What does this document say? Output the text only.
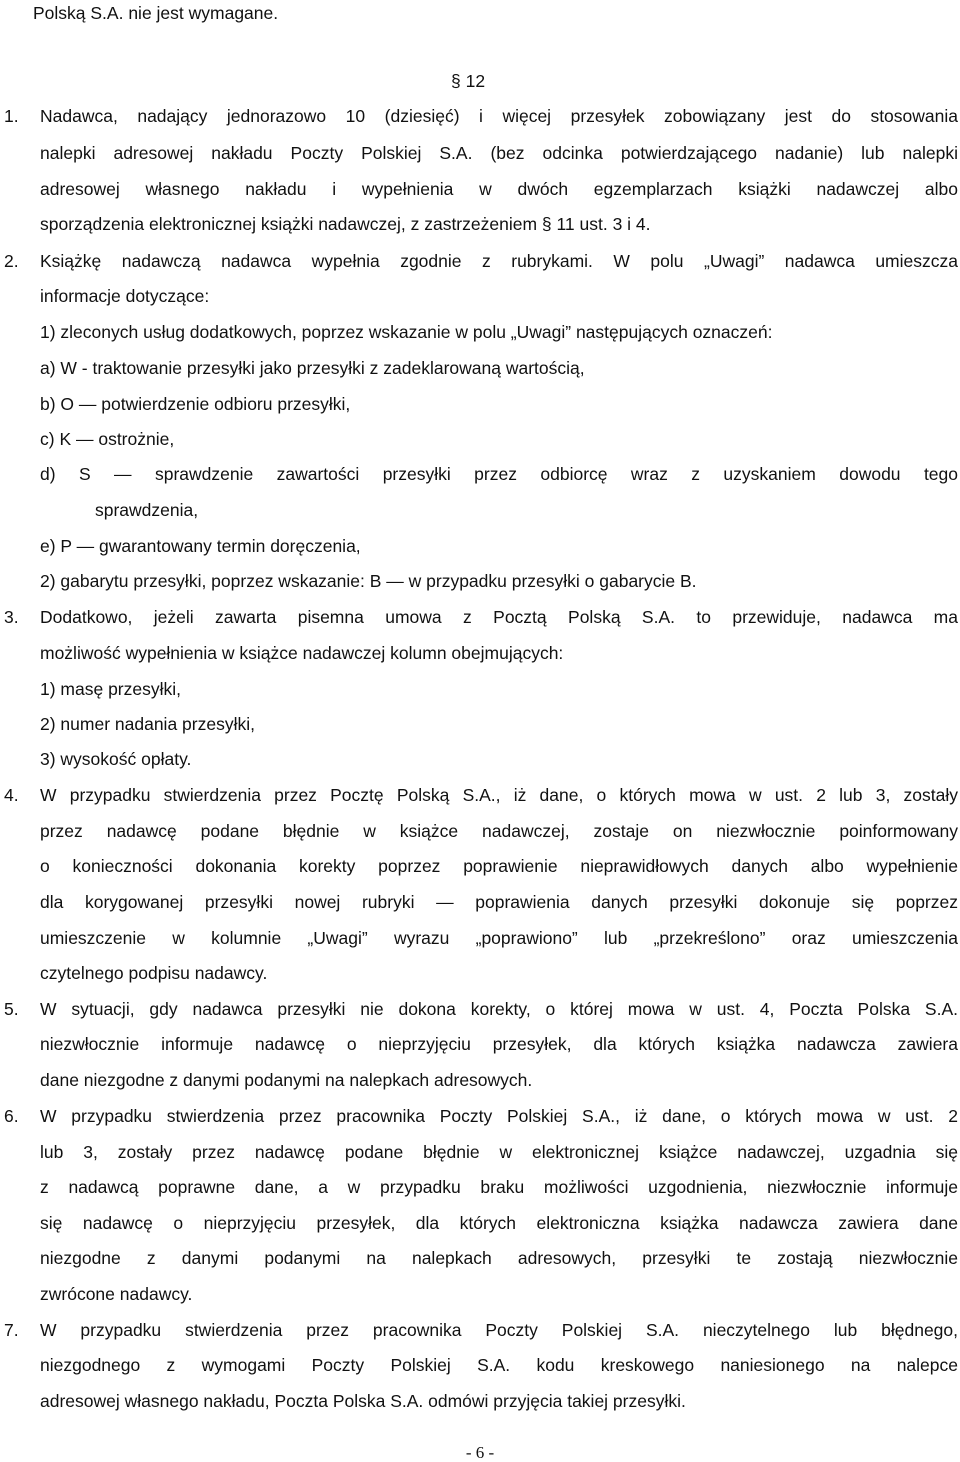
Polską S.A. nie jest wymagane.
§ 12
1. Nadawca, nadający jednorazowo 10 (dziesięć) i więcej przesyłek zobowiązany jest do stosowania
nalepki adresowej nakładu Poczty Polskiej S.A. (bez odcinka potwierdzającego nadanie) lub nalepki
adresowej własnego nakładu i wypełnienia w dwóch egzemplarzach książki nadawczej albo
sporządzenia elektronicznej książki nadawczej, z zastrzeżeniem § 11 ust. 3 i 4.
2. Książkę nadawczą nadawca wypełnia zgodnie z rubrykami. W polu „Uwagi” nadawca umieszcza
informacje dotyczące:
1) zleconych usług dodatkowych, poprzez wskazanie w polu „Uwagi” następujących oznaczeń:
a) W - traktowanie przesyłki jako przesyłki z zadeklarowaną wartością,
b) O — potwierdzenie odbioru przesyłki,
c) K — ostrożnie,
d) S — sprawdzenie zawartości przesyłki przez odbiorcę wraz z uzyskaniem dowodu tego
sprawdzenia,
e) P — gwarantowany termin doręczenia,
2) gabarytu przesyłki, poprzez wskazanie: B — w przypadku przesyłki o gabarycie B.
3. Dodatkowo, jeżeli zawarta pisemna umowa z Pocztą Polską S.A. to przewiduje, nadawca ma
możliwość wypełnienia w książce nadawczej kolumn obejmujących:
1) masę przesyłki,
2) numer nadania przesyłki,
3) wysokość opłaty.
4. W przypadku stwierdzenia przez Pocztę Polską S.A., iż dane, o których mowa w ust. 2 lub 3, zostały
przez nadawcę podane błędnie w książce nadawczej, zostaje on niezwłocznie poinformowany
o konieczności dokonania korekty poprzez poprawienie nieprawidłowych danych albo wypełnienie
dla korygowanej przesyłki nowej rubryki — poprawienia danych przesyłki dokonuje się poprzez
umieszczenie w kolumnie „Uwagi” wyrazu „poprawiono” lub „przekreślono” oraz umieszczenia
czytelnego podpisu nadawcy.
5. W sytuacji, gdy nadawca przesyłki nie dokona korekty, o której mowa w ust. 4, Poczta Polska S.A.
niezwłocznie informuje nadawcę o nieprzyjęciu przesyłek, dla których książka nadawcza zawiera
dane niezgodne z danymi podanymi na nalepkach adresowych.
6. W przypadku stwierdzenia przez pracownika Poczty Polskiej S.A., iż dane, o których mowa w ust. 2
lub 3, zostały przez nadawcę podane błędnie w elektronicznej książce nadawczej, uzgadnia się
z nadawcą poprawne dane, a w przypadku braku możliwości uzgodnienia, niezwłocznie informuje
się nadawcę o nieprzyjęciu przesyłek, dla których elektroniczna książka nadawcza zawiera dane
niezgodne z danymi podanymi na nalepkach adresowych, przesyłki te zostają niezwłocznie
zwrócone nadawcy.
7. W przypadku stwierdzenia przez pracownika Poczty Polskiej S.A. nieczytelnego lub błędnego,
niezgodnego z wymogami Poczty Polskiej S.A. kodu kreskowego naniesionego na nalepce
adresowej własnego nakładu, Poczta Polska S.A. odmówi przyjęcia takiej przesyłki.
- 6 -
